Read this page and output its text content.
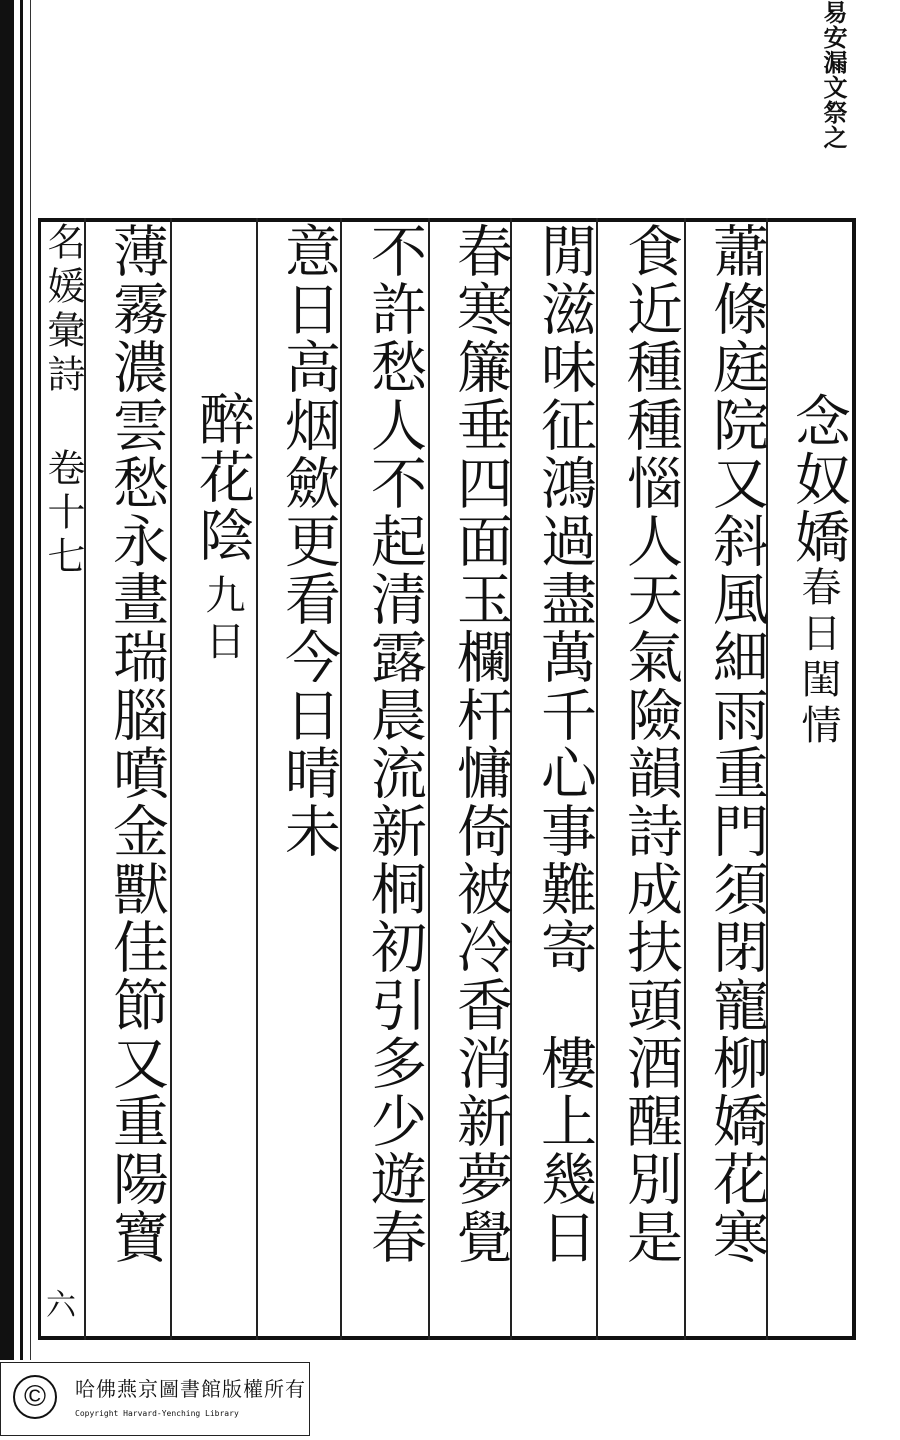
易安漏文祭之
念奴嬌春日閨情
蕭條庭院又斜風細雨重門須閉寵柳嬌花寒
食近種種惱人天氣險韻詩成扶頭酒醒別是
閒滋味征鴻過盡萬千心事難寄樓上幾日
春寒簾垂四面玉欄杆慵倚被冷香消新夢覺
不許愁人不起清露晨流新桐初引多少遊春
意日高烟歛更看今日晴未
醉花陰九日
薄霧濃雲愁永晝瑞腦噴金獸佳節又重陽寶
名媛彙詩卷十七
六
©	哈佛燕京圖書館版權所有
Copyright Harvard-Yenching Library
